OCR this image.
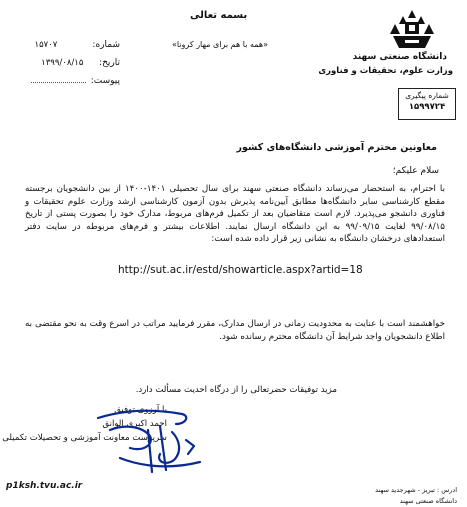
دانشگاه صنعتی سهند
وزارت علوم، تحقیقات و فناوری
بسمه تعالی
«همه با هم برای مهار کرونا»
شماره: ۱۵۷۰۷
تاریخ: ۱۳۹۹/۰۸/۱۵
پیوست:
شماره پیگیری
۱۵۹۹۷۲۴
معاونین محترم آموزشی دانشگاه‌های کشور
سلام علیکم؛
با احترام، به استحضار می‌رساند دانشگاه صنعتی سهند برای سال تحصیلی ۱۴۰۱-۱۴۰۰ از بین دانشجویان برجسته مقطع کارشناسی سایر دانشگاه‌ها مطابق آیین‌نامه پذیرش بدون آزمون کارشناسی ارشد وزارت علوم تحقیقات و فناوری دانشجو می‌پذیرد. لازم است متقاضیان بعد از تکمیل فرم‌های مربوط، مدارک خود را بصورت پستی از تاریخ ۹۹/۰۸/۱۵ لغایت ۹۹/۰۹/۱۵ به این دانشگاه ارسال نمایند. اطلاعات بیشتر و فرم‌های مربوطه در سایت دفتر استعدادهای درخشان دانشگاه به نشانی زیر قرار داده شده است:
http://sut.ac.ir/estd/showarticle.aspx?artid=18
خواهشمند است با عنایت به محدودیت زمانی در ارسال مدارک، مقرر فرمایید مراتب در اسرع وقت به نحو مقتضی به اطلاع دانشجویان واجد شرایط آن دانشگاه محترم رسانده شود.
مزید توفیقات حضرتعالی را از درگاه احدیت مسألت دارد.
با آرزوی توفیق
احمد اکبری الوانق
سرپرست معاونت آموزشی و تحصیلات تکمیلی
p1ksh.tvu.ac.ir	ادرس : تبریز - شهرجدید سهند
دانشگاه صنعتی سهند
